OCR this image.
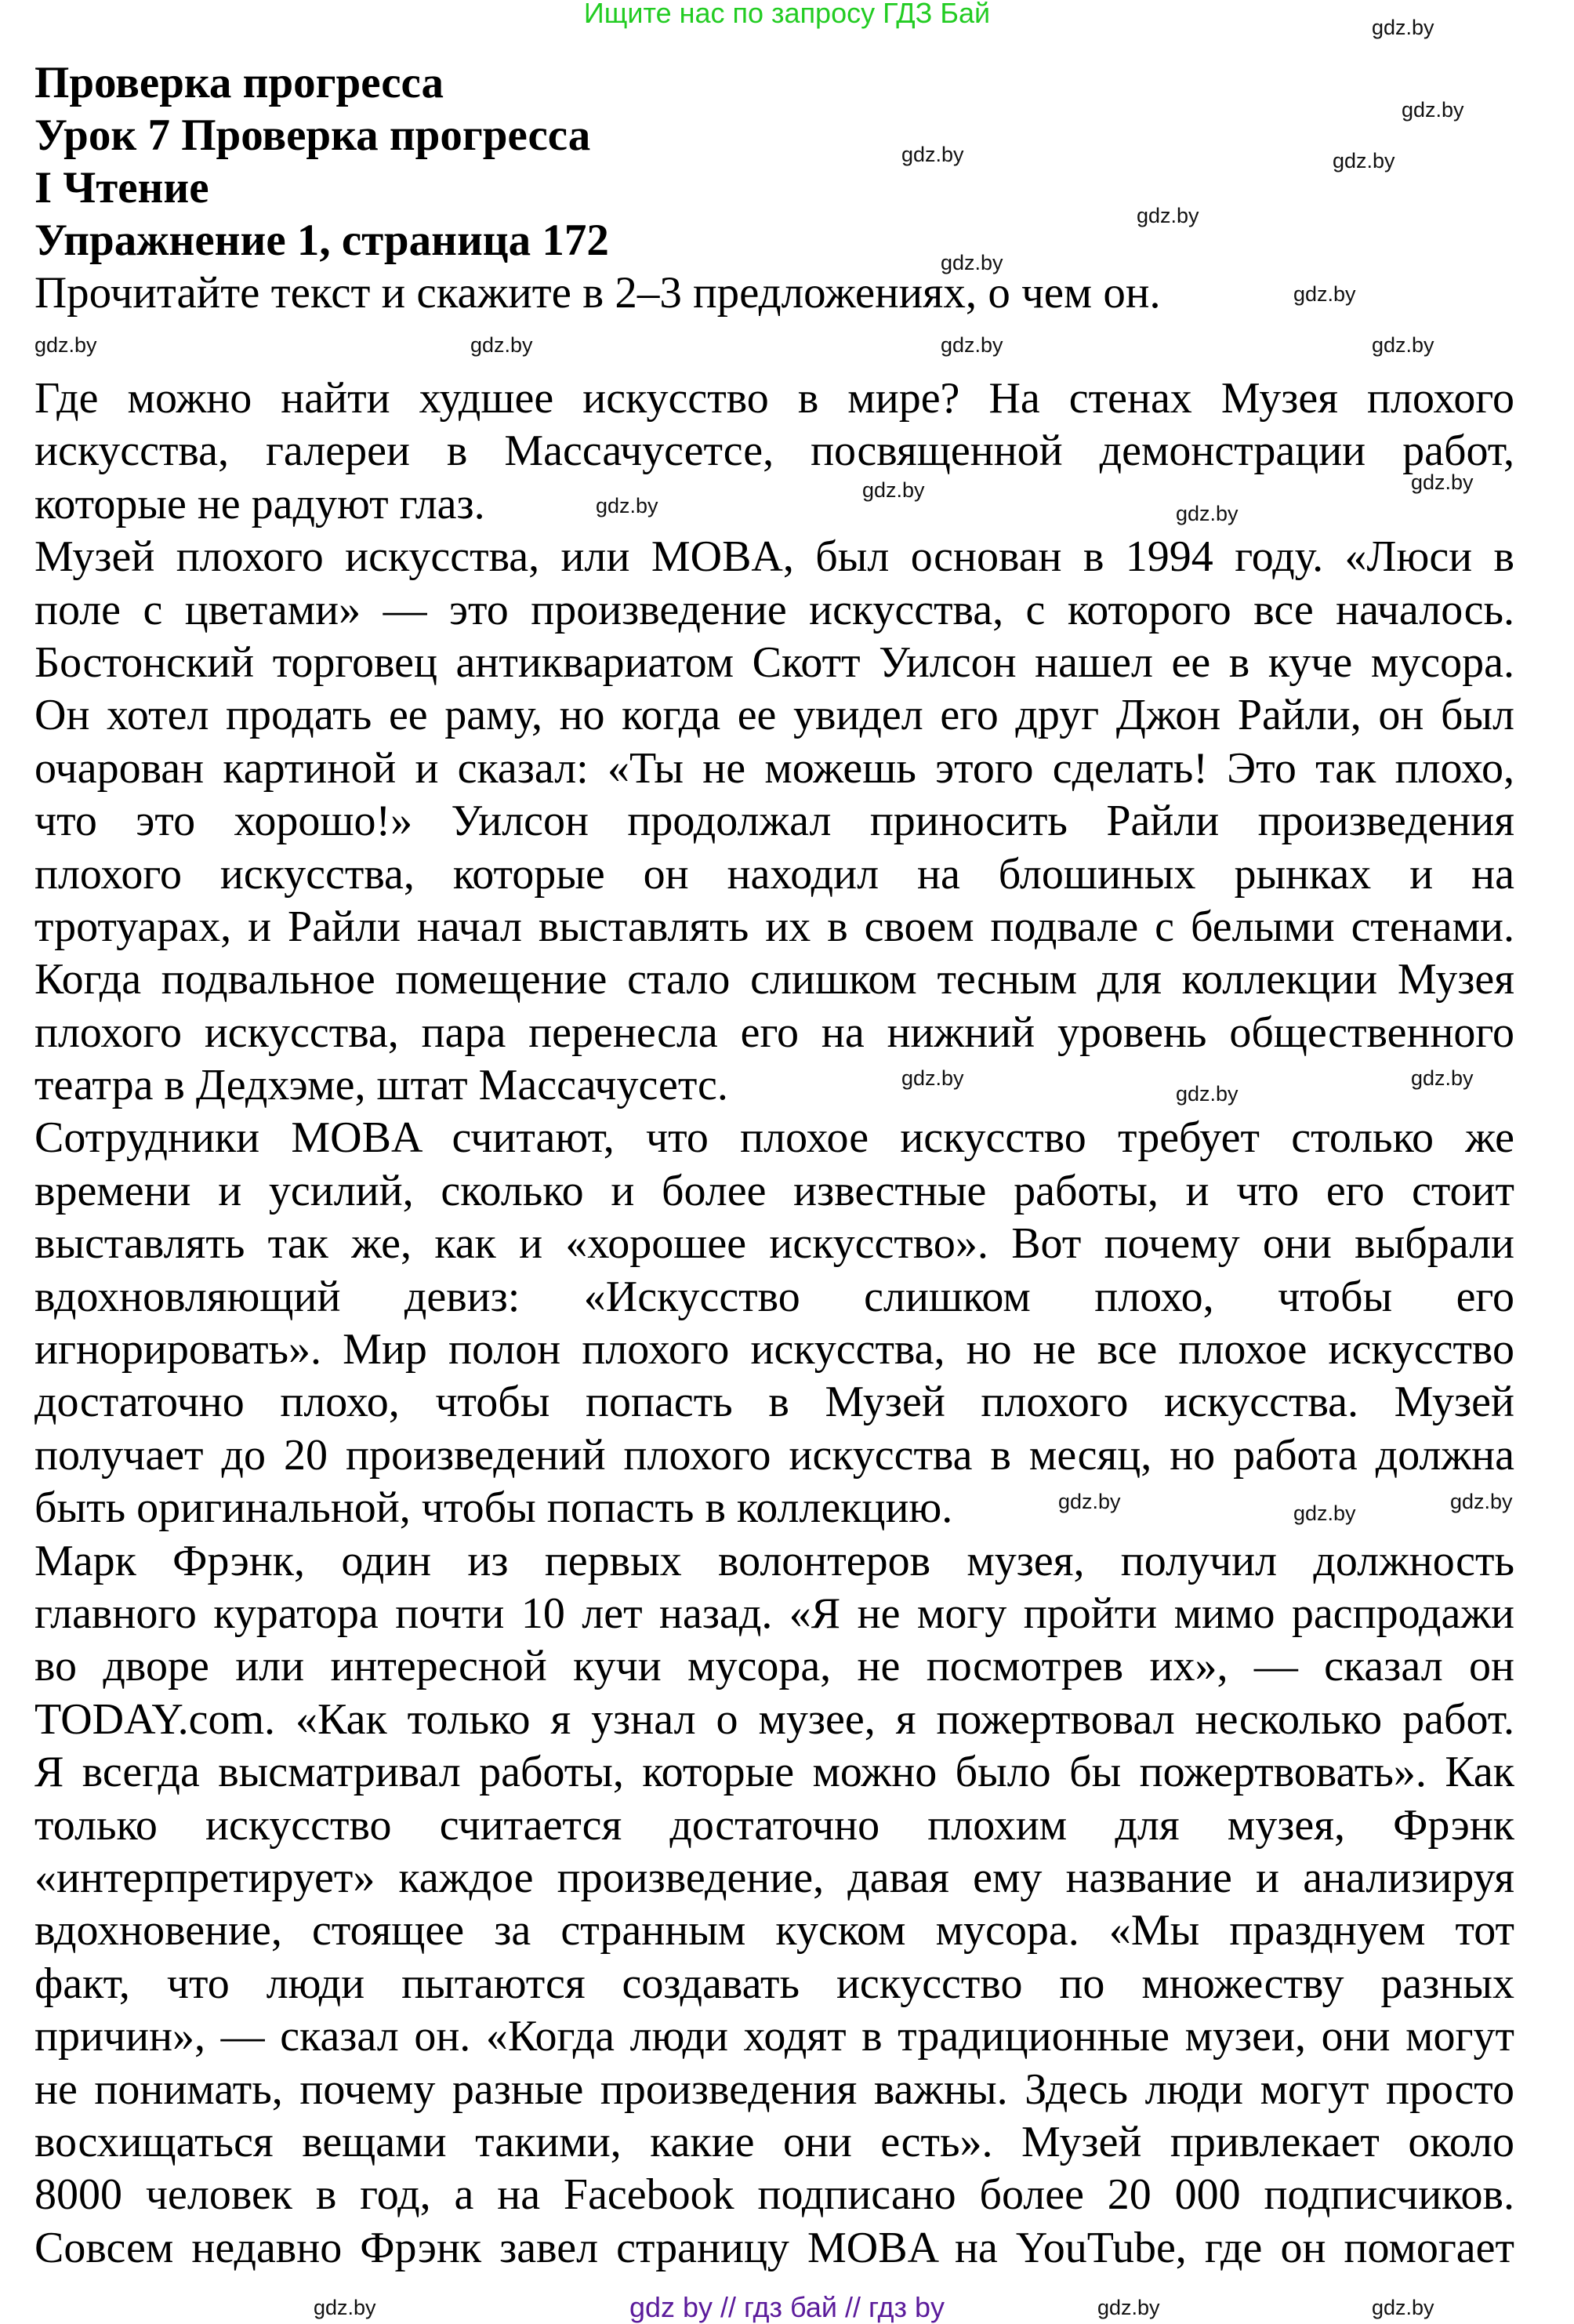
Ищите нас по запросу ГДЗ Бай
Проверка прогресса
Урок 7 Проверка прогресса
I Чтение
Упражнение 1, страница 172
Прочитайте текст и скажите в 2–3 предложениях, о чем он.
Где можно найти худшее искусство в мире? На стенах Музея плохого
искусства, галереи в Массачусетсе, посвященной демонстрации работ,
которые не радуют глаз.
Музей плохого искусства, или MOBA, был основан в 1994 году. «Люси в
поле с цветами» — это произведение искусства, с которого все началось.
Бостонский торговец антиквариатом Скотт Уилсон нашел ее в куче мусора.
Он хотел продать ее раму, но когда ее увидел его друг Джон Райли, он был
очарован картиной и сказал: «Ты не можешь этого сделать! Это так плохо,
что это хорошо!» Уилсон продолжал приносить Райли произведения
плохого искусства, которые он находил на блошиных рынках и на
тротуарах, и Райли начал выставлять их в своем подвале с белыми стенами.
Когда подвальное помещение стало слишком тесным для коллекции Музея
плохого искусства, пара перенесла его на нижний уровень общественного
театра в Дедхэме, штат Массачусетс.
Сотрудники MOBA считают, что плохое искусство требует столько же
времени и усилий, сколько и более известные работы, и что его стоит
выставлять так же, как и «хорошее искусство». Вот почему они выбрали
вдохновляющий девиз: «Искусство слишком плохо, чтобы его
игнорировать». Мир полон плохого искусства, но не все плохое искусство
достаточно плохо, чтобы попасть в Музей плохого искусства. Музей
получает до 20 произведений плохого искусства в месяц, но работа должна
быть оригинальной, чтобы попасть в коллекцию.
Марк Фрэнк, один из первых волонтеров музея, получил должность
главного куратора почти 10 лет назад. «Я не могу пройти мимо распродажи
во дворе или интересной кучи мусора, не посмотрев их», — сказал он
TODAY.com. «Как только я узнал о музее, я пожертвовал несколько работ.
Я всегда высматривал работы, которые можно было бы пожертвовать». Как
только искусство считается достаточно плохим для музея, Фрэнк
«интерпретирует» каждое произведение, давая ему название и анализируя
вдохновение, стоящее за странным куском мусора. «Мы празднуем тот
факт, что люди пытаются создавать искусство по множеству разных
причин», — сказал он. «Когда люди ходят в традиционные музеи, они могут
не понимать, почему разные произведения важны. Здесь люди могут просто
восхищаться вещами такими, какие они есть». Музей привлекает около
8000 человек в год, а на Facebook подписано более 20 000 подписчиков.
Совсем недавно Фрэнк завел страницу MOBA на YouTube, где он помогает
gdz.by
gdz.by
gdz.by	gdz.by
gdz.by
gdz.by
gdz.by
gdz.by	gdz.by	gdz.by	gdz.by
gdz.by
gdz.by	gdz.by
gdz.by
gdz.by
gdz.by
gdz.by
gdz.by	gdz.by	gdz.by
gdz.by	gdz.by	gdz.by
gdz by // гдз бай // гдз by
